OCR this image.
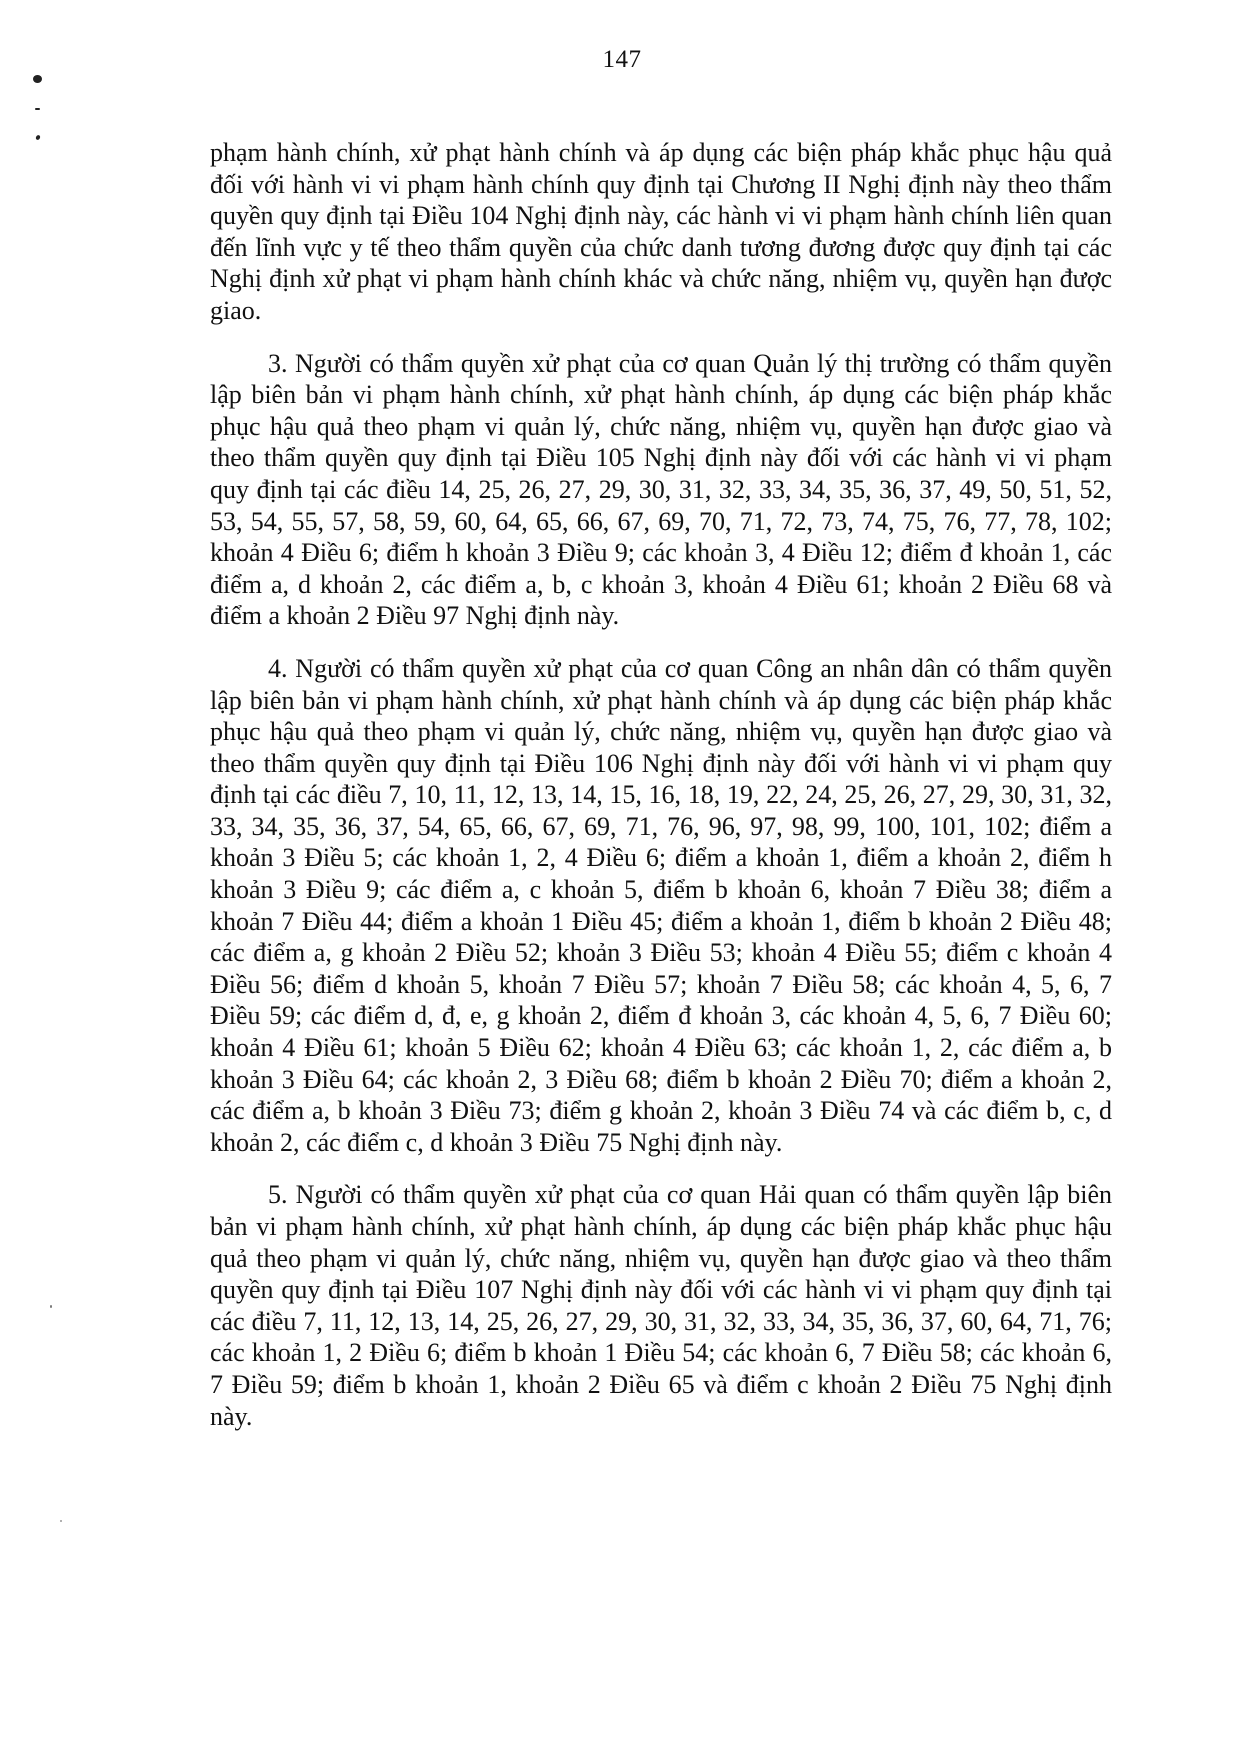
147

phạm hành chính, xử phạt hành chính và áp dụng các biện pháp khắc phục hậu quả đối với hành vi vi phạm hành chính quy định tại Chương II Nghị định này theo thẩm quyền quy định tại Điều 104 Nghị định này, các hành vi vi phạm hành chính liên quan đến lĩnh vực y tế theo thẩm quyền của chức danh tương đương được quy định tại các Nghị định xử phạt vi phạm hành chính khác và chức năng, nhiệm vụ, quyền hạn được giao.

3. Người có thẩm quyền xử phạt của cơ quan Quản lý thị trường có thẩm quyền lập biên bản vi phạm hành chính, xử phạt hành chính, áp dụng các biện pháp khắc phục hậu quả theo phạm vi quản lý, chức năng, nhiệm vụ, quyền hạn được giao và theo thẩm quyền quy định tại Điều 105 Nghị định này đối với các hành vi vi phạm quy định tại các điều 14, 25, 26, 27, 29, 30, 31, 32, 33, 34, 35, 36, 37, 49, 50, 51, 52, 53, 54, 55, 57, 58, 59, 60, 64, 65, 66, 67, 69, 70, 71, 72, 73, 74, 75, 76, 77, 78, 102; khoản 4 Điều 6; điểm h khoản 3 Điều 9; các khoản 3, 4 Điều 12; điểm đ khoản 1, các điểm a, d khoản 2, các điểm a, b, c khoản 3, khoản 4 Điều 61; khoản 2 Điều 68 và điểm a khoản 2 Điều 97 Nghị định này.

4. Người có thẩm quyền xử phạt của cơ quan Công an nhân dân có thẩm quyền lập biên bản vi phạm hành chính, xử phạt hành chính và áp dụng các biện pháp khắc phục hậu quả theo phạm vi quản lý, chức năng, nhiệm vụ, quyền hạn được giao và theo thẩm quyền quy định tại Điều 106 Nghị định này đối với hành vi vi phạm quy định tại các điều 7, 10, 11, 12, 13, 14, 15, 16, 18, 19, 22, 24, 25, 26, 27, 29, 30, 31, 32, 33, 34, 35, 36, 37, 54, 65, 66, 67, 69, 71, 76, 96, 97, 98, 99, 100, 101, 102; điểm a khoản 3 Điều 5; các khoản 1, 2, 4 Điều 6; điểm a khoản 1, điểm a khoản 2, điểm h khoản 3 Điều 9; các điểm a, c khoản 5, điểm b khoản 6, khoản 7 Điều 38; điểm a khoản 7 Điều 44; điểm a khoản 1 Điều 45; điểm a khoản 1, điểm b khoản 2 Điều 48; các điểm a, g khoản 2 Điều 52; khoản 3 Điều 53; khoản 4 Điều 55; điểm c khoản 4 Điều 56; điểm d khoản 5, khoản 7 Điều 57; khoản 7 Điều 58; các khoản 4, 5, 6, 7 Điều 59; các điểm d, đ, e, g khoản 2, điểm đ khoản 3, các khoản 4, 5, 6, 7 Điều 60; khoản 4 Điều 61; khoản 5 Điều 62; khoản 4 Điều 63; các khoản 1, 2, các điểm a, b khoản 3 Điều 64; các khoản 2, 3 Điều 68; điểm b khoản 2 Điều 70; điểm a khoản 2, các điểm a, b khoản 3 Điều 73; điểm g khoản 2, khoản 3 Điều 74 và các điểm b, c, d khoản 2, các điểm c, d khoản 3 Điều 75 Nghị định này.

5. Người có thẩm quyền xử phạt của cơ quan Hải quan có thẩm quyền lập biên bản vi phạm hành chính, xử phạt hành chính, áp dụng các biện pháp khắc phục hậu quả theo phạm vi quản lý, chức năng, nhiệm vụ, quyền hạn được giao và theo thẩm quyền quy định tại Điều 107 Nghị định này đối với các hành vi vi phạm quy định tại các điều 7, 11, 12, 13, 14, 25, 26, 27, 29, 30, 31, 32, 33, 34, 35, 36, 37, 60, 64, 71, 76; các khoản 1, 2 Điều 6; điểm b khoản 1 Điều 54; các khoản 6, 7 Điều 58; các khoản 6, 7 Điều 59; điểm b khoản 1, khoản 2 Điều 65 và điểm c khoản 2 Điều 75 Nghị định này.
